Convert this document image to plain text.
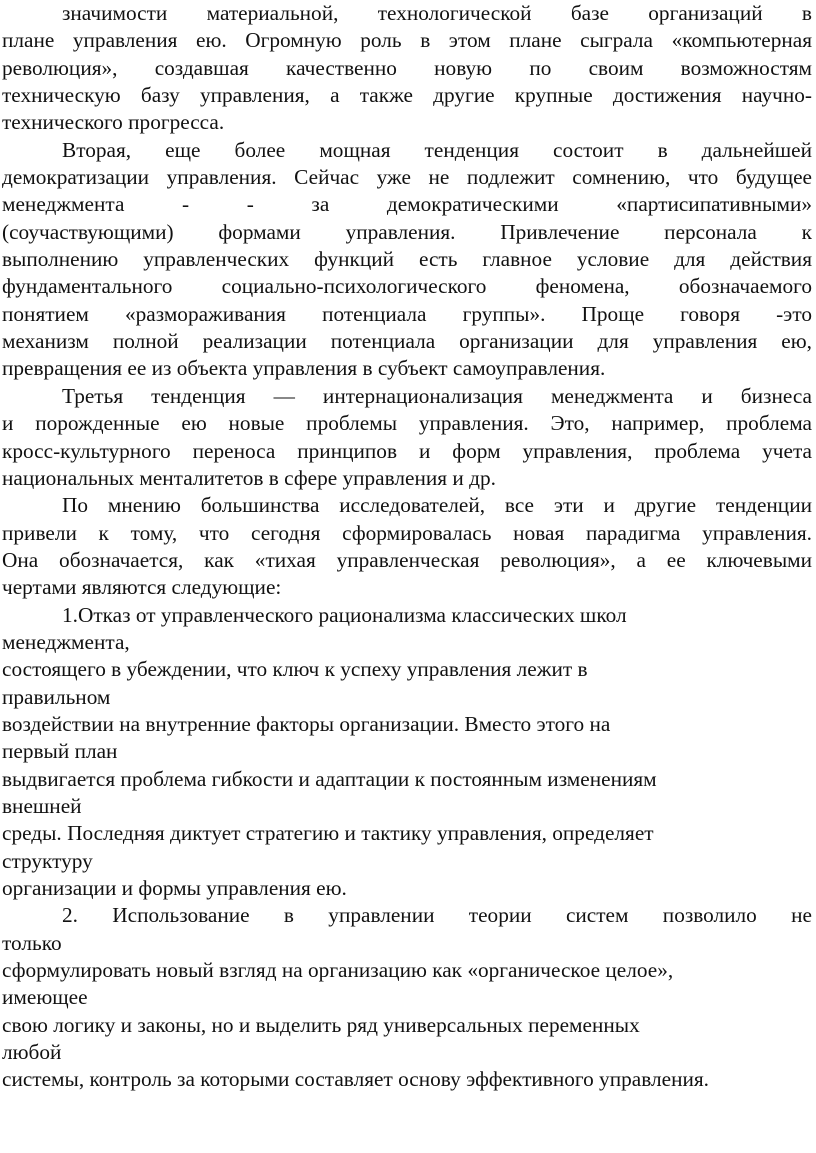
значимости материальной, технологической базе организаций в
плане управления ею. Огромную роль в этом плане сыграла «компьютерная
революция», создавшая качественно новую по своим возможностям
техническую базу управления, а также другие крупные достижения научно-
технического прогресса.
Вторая, еще более мощная тенденция состоит в дальнейшей
демократизации управления. Сейчас уже не подлежит сомнению, что будущее
менеджмента - - за демократическими «партисипативными»
(соучаствующими) формами управления. Привлечение персонала к
выполнению управленческих функций есть главное условие для действия
фундаментального социально-психологического феномена, обозначаемого
понятием «размораживания потенциала группы». Проще говоря -это
механизм полной реализации потенциала организации для управления ею,
превращения ее из объекта управления в субъект самоуправления.
Третья тенденция — интернационализация менеджмента и бизнеса
и порожденные ею новые проблемы управления. Это, например, проблема
кросс-культурного переноса принципов и форм управления, проблема учета
национальных менталитетов в сфере управления и др.
По мнению большинства исследователей, все эти и другие тенденции
привели к тому, что сегодня сформировалась новая парадигма управления.
Она обозначается, как «тихая управленческая революция», а ее ключевыми
чертами являются следующие:
1.Отказ от управленческого рационализма классических школ
менеджмента,
состоящего в убеждении, что ключ к успеху управления лежит в
правильном
воздействии на внутренние факторы организации. Вместо этого на
первый план
выдвигается проблема гибкости и адаптации к постоянным изменениям
внешней
среды. Последняя диктует стратегию и тактику управления, определяет
структуру
организации и формы управления ею.
2. Использование в управлении теории систем позволило не
только
сформулировать новый взгляд на организацию как «органическое целое»,
имеющее
свою логику и законы, но и выделить ряд универсальных переменных
любой
системы, контроль за которыми составляет основу эффективного управления.
